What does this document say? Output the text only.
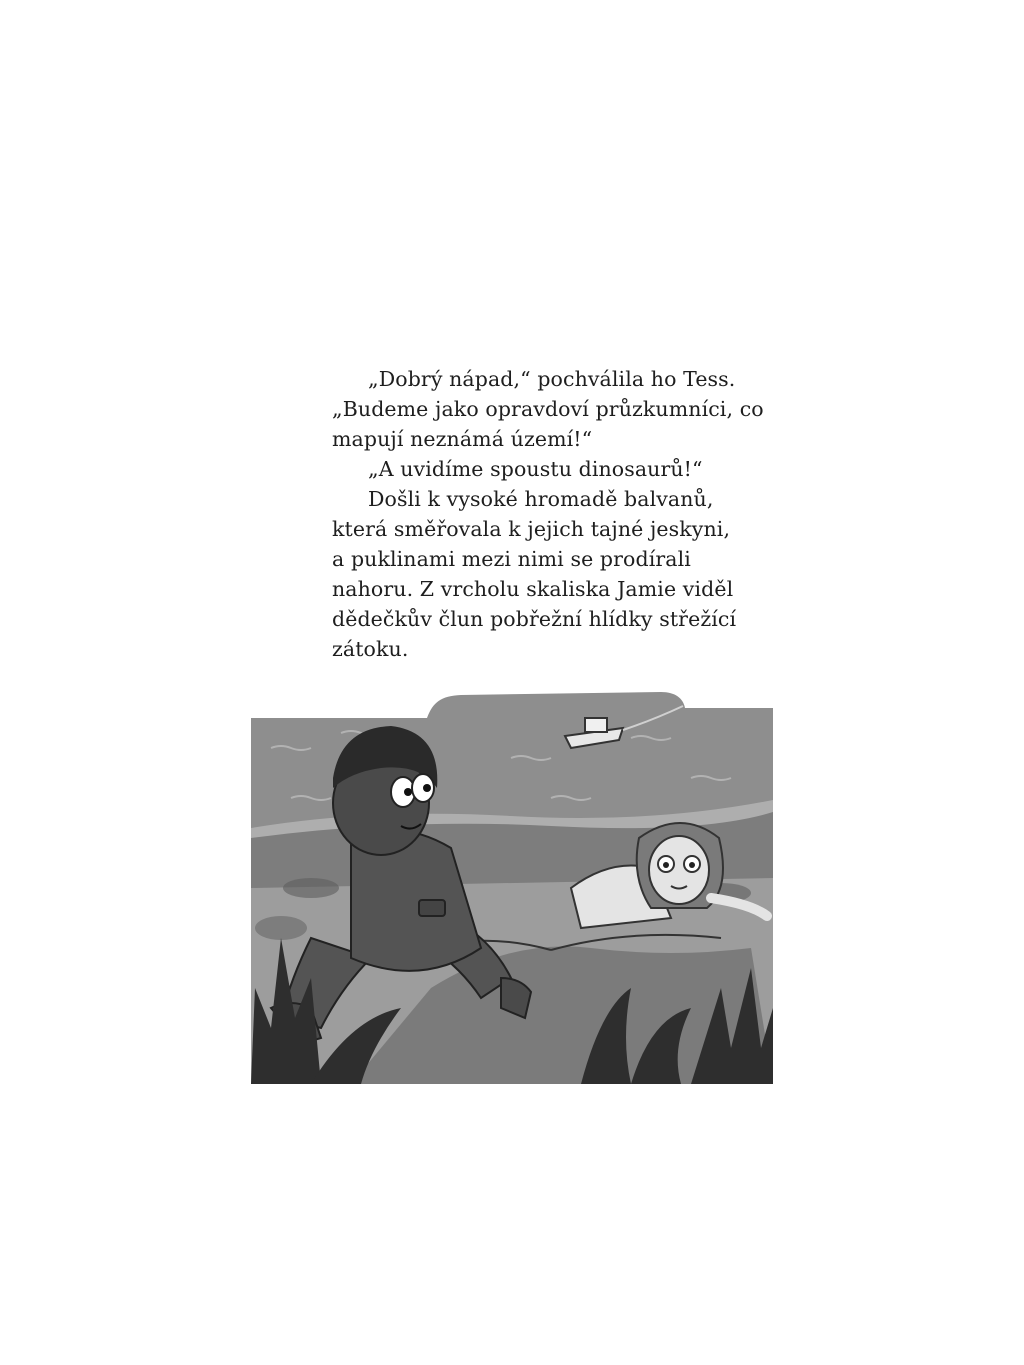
„Dobrý nápad,“ pochválila ho Tess.
„Budeme jako opravdoví průzkumníci, co
mapují neznámá území!“
„A uvidíme spoustu dinosaurů!“
Došli k vysoké hromadě balvanů,
která směřovala k jejich tajné jeskyni,
a puklinami mezi nimi se prodírali
nahoru. Z vrcholu skaliska Jamie viděl
dědečkův člun pobřežní hlídky střežící
zátoku.
